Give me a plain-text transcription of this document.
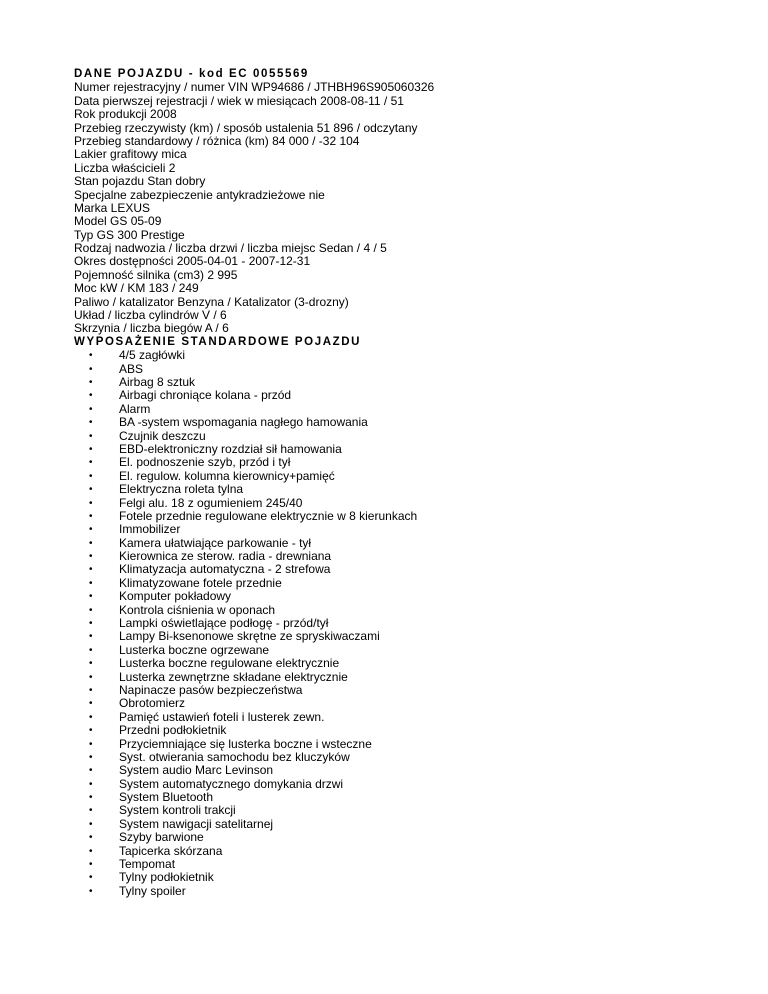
DANE POJAZDU - kod EC 0055569
Numer rejestracyjny / numer VIN WP94686 / JTHBH96S905060326
Data pierwszej rejestracji / wiek w miesiącach 2008-08-11 / 51
Rok produkcji 2008
Przebieg rzeczywisty (km) / sposób ustalenia 51 896 / odczytany
Przebieg standardowy / różnica (km) 84 000 / -32 104
Lakier grafitowy mica
Liczba właścicieli 2
Stan pojazdu Stan dobry
Specjalne zabezpieczenie antykradzieżowe nie
Marka LEXUS
Model GS 05-09
Typ GS 300 Prestige
Rodzaj nadwozia / liczba drzwi / liczba miejsc Sedan / 4 / 5
Okres dostępności 2005-04-01 - 2007-12-31
Pojemność silnika (cm3) 2 995
Moc kW / KM 183 / 249
Paliwo / katalizator Benzyna / Katalizator (3-drozny)
Układ / liczba cylindrów V / 6
Skrzynia / liczba biegów A / 6
WYPOSAŻENIE STANDARDOWE POJAZDU
• 4/5 zagłówki
• ABS
• Airbag 8 sztuk
• Airbagi chroniące kolana - przód
• Alarm
• BA -system wspomagania nagłego hamowania
• Czujnik deszczu
• EBD-elektroniczny rozdział sił hamowania
• El. podnoszenie szyb, przód i tył
• El. regulow. kolumna kierownicy+pamięć
• Elektryczna roleta tylna
• Felgi alu. 18 z ogumieniem 245/40
• Fotele przednie regulowane elektrycznie w 8 kierunkach
• Immobilizer
• Kamera ułatwiające parkowanie - tył
• Kierownica ze sterow. radia - drewniana
• Klimatyzacja automatyczna - 2 strefowa
• Klimatyzowane fotele przednie
• Komputer pokładowy
• Kontrola ciśnienia w oponach
• Lampki oświetlające podłogę - przód/tył
• Lampy Bi-ksenonowe skrętne ze spryskiwaczami
• Lusterka boczne ogrzewane
• Lusterka boczne regulowane elektrycznie
• Lusterka zewnętrzne składane elektrycznie
• Napinacze pasów bezpieczeństwa
• Obrotomierz
• Pamięć ustawień foteli i lusterek zewn.
• Przedni podłokietnik
• Przyciemniające się lusterka boczne i wsteczne
• Syst. otwierania samochodu bez kluczyków
• System audio Marc Levinson
• System automatycznego domykania drzwi
• System Bluetooth
• System kontroli trakcji
• System nawigacji satelitarnej
• Szyby barwione
• Tapicerka skórzana
• Tempomat
• Tylny podłokietnik
• Tylny spoiler
